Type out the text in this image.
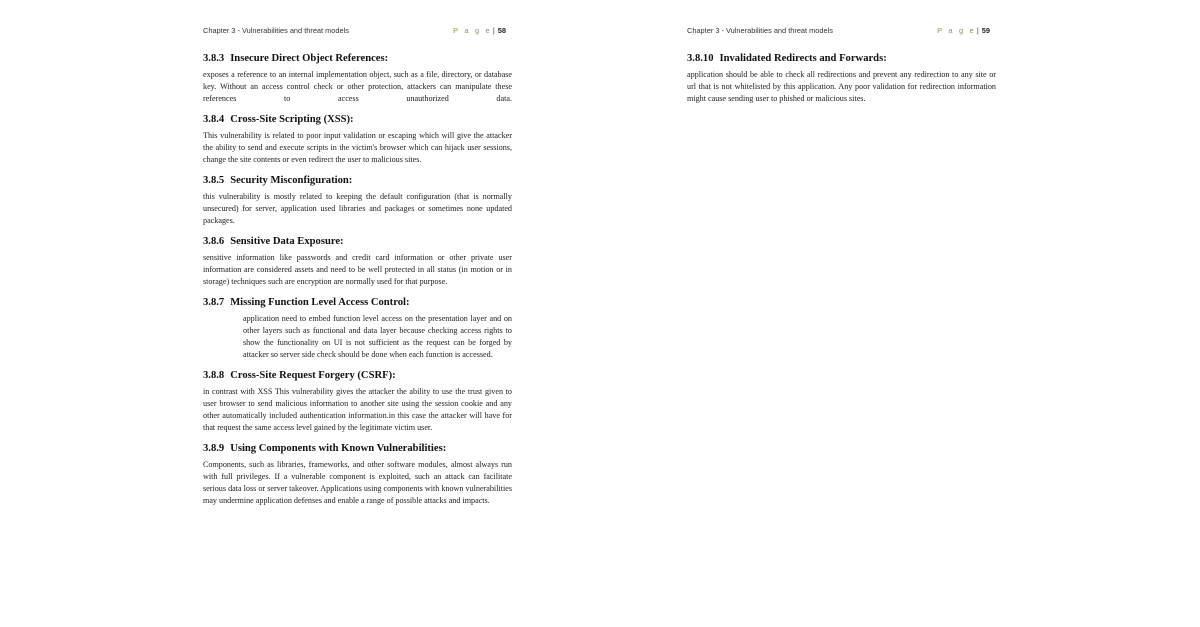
Chapter 3 - Vulnerabilities and threat models	P a g e| 58
3.8.3 Insecure Direct Object References:

exposes a reference to an internal implementation object, such as a file, directory, or database key. Without an access control check or other protection, attackers can manipulate these references to access unauthorized data.

3.8.4 Cross-Site Scripting (XSS):

This vulnerability is related to poor input validation or escaping which will give the attacker the ability to send and execute scripts in the victim's browser which can hijack user sessions, change the site contents or even redirect the user to malicious sites.

3.8.5 Security Misconfiguration:

this vulnerability is mostly related to keeping the default configuration (that is normally unsecured) for server, application used libraries and packages or sometimes none updated packages.

3.8.6 Sensitive Data Exposure:

sensitive information like passwords and credit card information or other private user information are considered assets and need to be well protected in all status (in motion or in storage) techniques such are encryption are normally used for that purpose.

3.8.7 Missing Function Level Access Control:

application need to embed function level access on the presentation layer and on other layers such as functional and data layer because checking access rights to show the functionality on UI is not sufficient as the request can be forged by attacker so server side check should be done when each function is accessed.

3.8.8 Cross-Site Request Forgery (CSRF):

in contrast with XSS This vulnerability gives the attacker the ability to use the trust given to user browser to send malicious information to another site using the session cookie and any other automatically included authentication information.in this case the attacker will have for that request the same access level gained by the legitimate victim user.

3.8.9 Using Components with Known Vulnerabilities:

Components, such as libraries, frameworks, and other software modules, almost always run with full privileges. If a vulnerable component is exploited, such an attack can facilitate serious data loss or server takeover. Applications using components with known vulnerabilities may undermine application defenses and enable a range of possible attacks and impacts.

Chapter 3 - Vulnerabilities and threat models	P a g e| 59
3.8.10 Invalidated Redirects and Forwards:

application should be able to check all redirections and prevent any redirection to any site or url that is not whitelisted by this application. Any poor validation for redirection information might cause sending user to phished or malicious sites.
